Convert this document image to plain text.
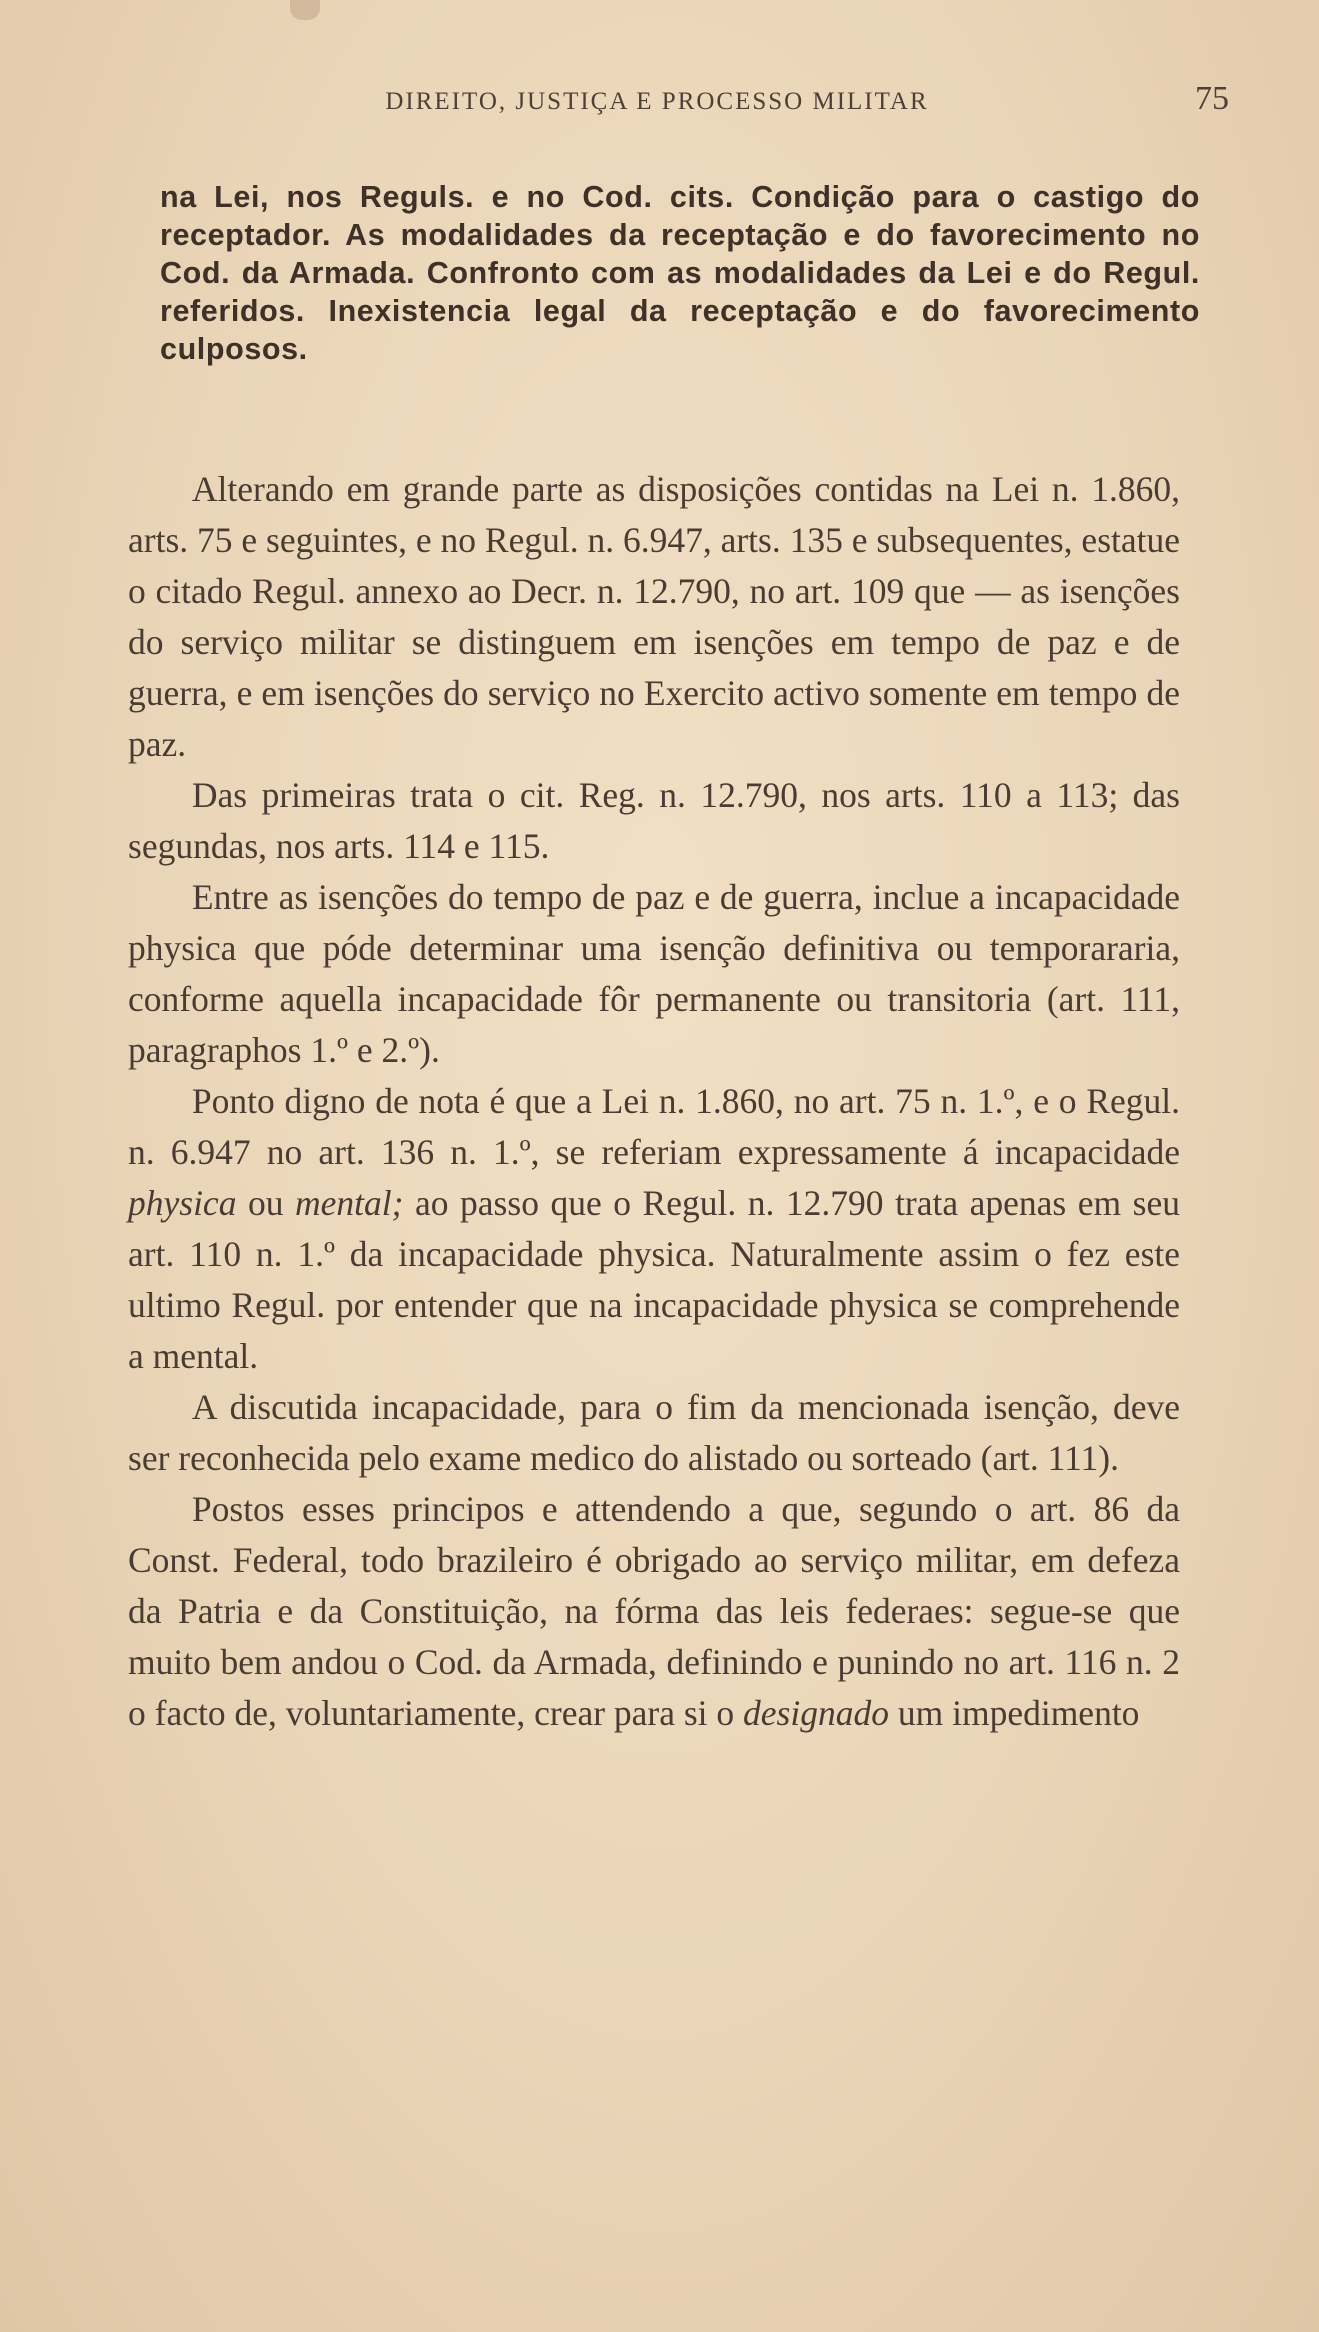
DIREITO, JUSTIÇA E PROCESSO MILITAR	75
na Lei, nos Reguls. e no Cod. cits. Condição para o castigo do receptador. As modalidades da receptação e do favorecimento no Cod. da Armada. Confronto com as modalidades da Lei e do Regul. referidos. Inexistencia legal da receptação e do favorecimento culposos.

Alterando em grande parte as disposições contidas na Lei n. 1.860, arts. 75 e seguintes, e no Regul. n. 6.947, arts. 135 e subsequentes, estatue o citado Regul. annexo ao Decr. n. 12.790, no art. 109 que — as isenções do serviço militar se distinguem em isenções em tempo de paz e de guerra, e em isenções do serviço no Exercito activo somente em tempo de paz.

Das primeiras trata o cit. Reg. n. 12.790, nos arts. 110 a 113; das segundas, nos arts. 114 e 115.

Entre as isenções do tempo de paz e de guerra, inclue a incapacidade physica que póde determinar uma isenção definitiva ou temporararia, conforme aquella incapacidade fôr permanente ou transitoria (art. 111, paragraphos 1.º e 2.º).

Ponto digno de nota é que a Lei n. 1.860, no art. 75 n. 1.º, e o Regul. n. 6.947 no art. 136 n. 1.º, se referiam expressamente á incapacidade physica ou mental; ao passo que o Regul. n. 12.790 trata apenas em seu art. 110 n. 1.º da incapacidade physica. Naturalmente assim o fez este ultimo Regul. por entender que na incapacidade physica se comprehende a mental.

A discutida incapacidade, para o fim da mencionada isenção, deve ser reconhecida pelo exame medico do alistado ou sorteado (art. 111).

Postos esses principos e attendendo a que, segundo o art. 86 da Const. Federal, todo brazileiro é obrigado ao serviço militar, em defeza da Patria e da Constituição, na fórma das leis federaes: segue-se que muito bem andou o Cod. da Armada, definindo e punindo no art. 116 n. 2 o facto de, voluntariamente, crear para si o designado um impedimento
